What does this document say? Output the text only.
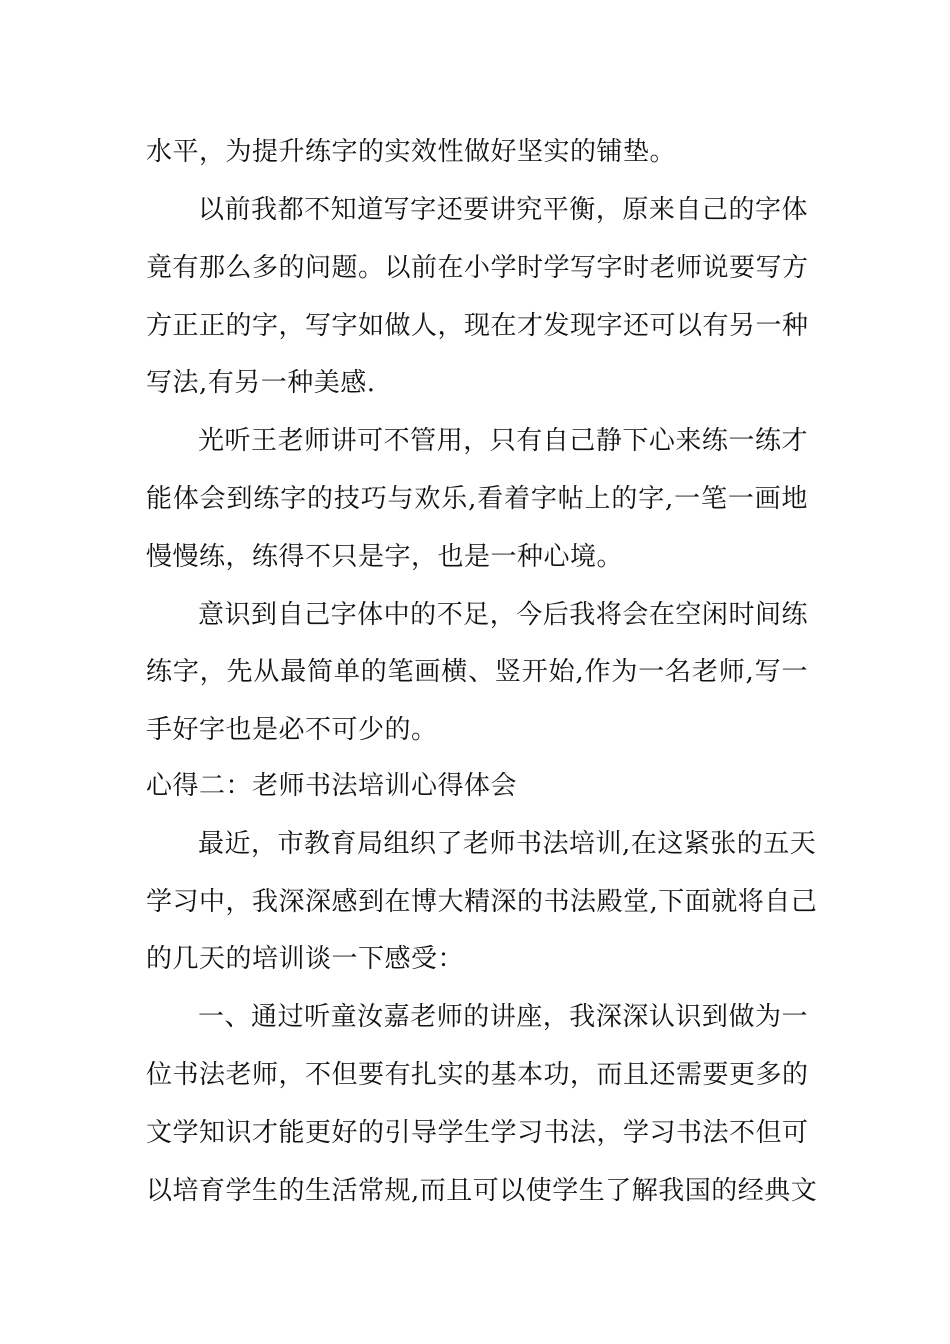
水平，为提升练字的实效性做好坚实的铺垫。
以前我都不知道写字还要讲究平衡，原来自己的字体
竟有那么多的问题。以前在小学时学写字时老师说要写方
方正正的字，写字如做人，现在才发现字还可以有另一种
写法,有另一种美感.
光听王老师讲可不管用，只有自己静下心来练一练才
能体会到练字的技巧与欢乐,看着字帖上的字,一笔一画地
慢慢练，练得不只是字，也是一种心境。
意识到自己字体中的不足，今后我将会在空闲时间练
练字，先从最简单的笔画横、竖开始,作为一名老师,写一
手好字也是必不可少的。
心得二：老师书法培训心得体会
最近，市教育局组织了老师书法培训,在这紧张的五天
学习中，我深深感到在博大精深的书法殿堂,下面就将自己
的几天的培训谈一下感受：
一、通过听童汝嘉老师的讲座，我深深认识到做为一
位书法老师，不但要有扎实的基本功，而且还需要更多的
文学知识才能更好的引导学生学习书法，学习书法不但可
以培育学生的生活常规,而且可以使学生了解我国的经典文
